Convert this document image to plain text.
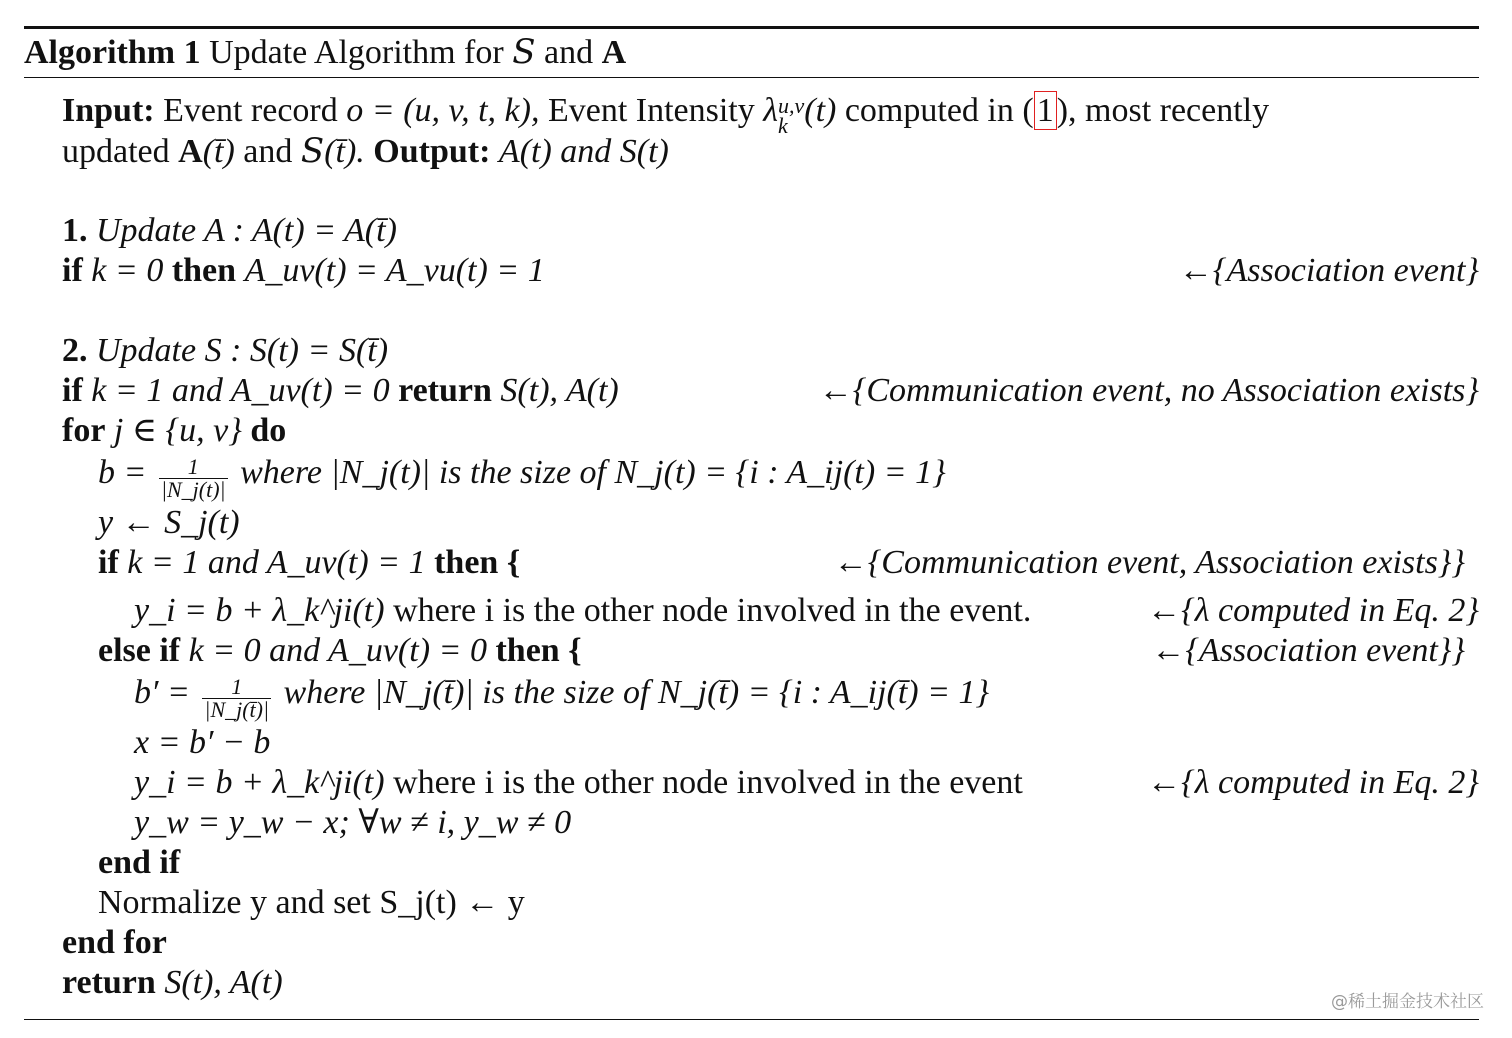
Algorithm 1 Update Algorithm for S and A
Input: Event record o = (u, v, t, k), Event Intensity λ u,v
k (t) computed in (1), most recently
updated A(t̄) and S(t̄). Output: A(t) and S(t)
1. Update A : A(t) = A(t̄)
if k = 0 then A_uv(t) = A_vu(t) = 1	←{Association event}
2. Update S : S(t) = S(t̄)
if k = 1 and A_uv(t) = 0 return S(t), A(t)	←{Communication event, no Association exists}
for j ∈ {u, v} do
$b = \frac{1}{|N\_j(t)|}$ where |N_j(t)| is the size of N_j(t) = {i : A_ij(t) = 1}
y ← S_j(t)
if k = 1 and A_uv(t) = 1 then {	←{Communication event, Association exists}}
y_i = b + λ_k^ji(t) where i is the other node involved in the event.	←{λ computed in Eq. 2}
else if k = 0 and A_uv(t) = 0 then {	←{Association event}}
$b' = \frac{1}{|N\_j(t̄)|}$ where |N_j(t̄)| is the size of N_j(t̄) = {i : A_ij(t̄) = 1}
x = b′ − b
y_i = b + λ_k^ji(t) where i is the other node involved in the event	←{λ computed in Eq. 2}
y_w = y_w − x; ∀w ≠ i, y_w ≠ 0
end if
Normalize y and set S_j(t) ← y
end for
return S(t), A(t)
@稀土掘金技术社区
